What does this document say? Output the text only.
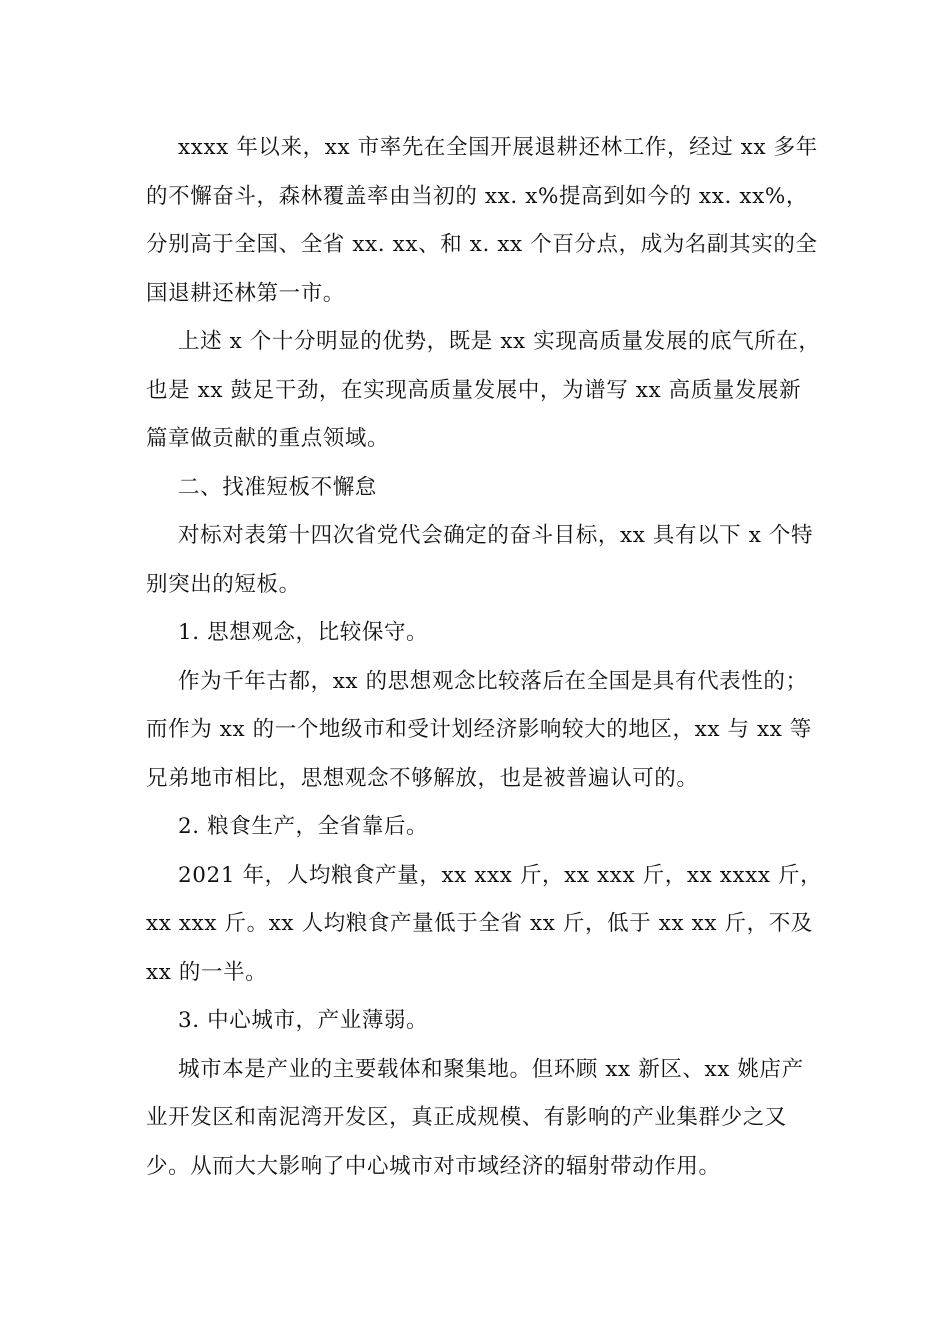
xxxx 年以来，xx 市率先在全国开展退耕还林工作，经过 xx 多年
的不懈奋斗，森林覆盖率由当初的 xx. x%提高到如今的 xx. xx%，
分别高于全国、全省 xx. xx、和 x. xx 个百分点，成为名副其实的全
国退耕还林第一市。
上述 x 个十分明显的优势，既是 xx 实现高质量发展的底气所在，
也是 xx 鼓足干劲，在实现高质量发展中，为谱写 xx 高质量发展新
篇章做贡献的重点领域。
二、找准短板不懈怠
对标对表第十四次省党代会确定的奋斗目标，xx 具有以下 x 个特
别突出的短板。
1. 思想观念，比较保守。
作为千年古都，xx 的思想观念比较落后在全国是具有代表性的；
而作为 xx 的一个地级市和受计划经济影响较大的地区，xx 与 xx 等
兄弟地市相比，思想观念不够解放，也是被普遍认可的。
2. 粮食生产，全省靠后。
2021 年，人均粮食产量，xx xxx 斤，xx xxx 斤，xx xxxx 斤，
xx xxx 斤。xx 人均粮食产量低于全省 xx 斤，低于 xx xx 斤，不及
xx 的一半。
3. 中心城市，产业薄弱。
城市本是产业的主要载体和聚集地。但环顾 xx 新区、xx 姚店产
业开发区和南泥湾开发区，真正成规模、有影响的产业集群少之又
少。从而大大影响了中心城市对市域经济的辐射带动作用。
